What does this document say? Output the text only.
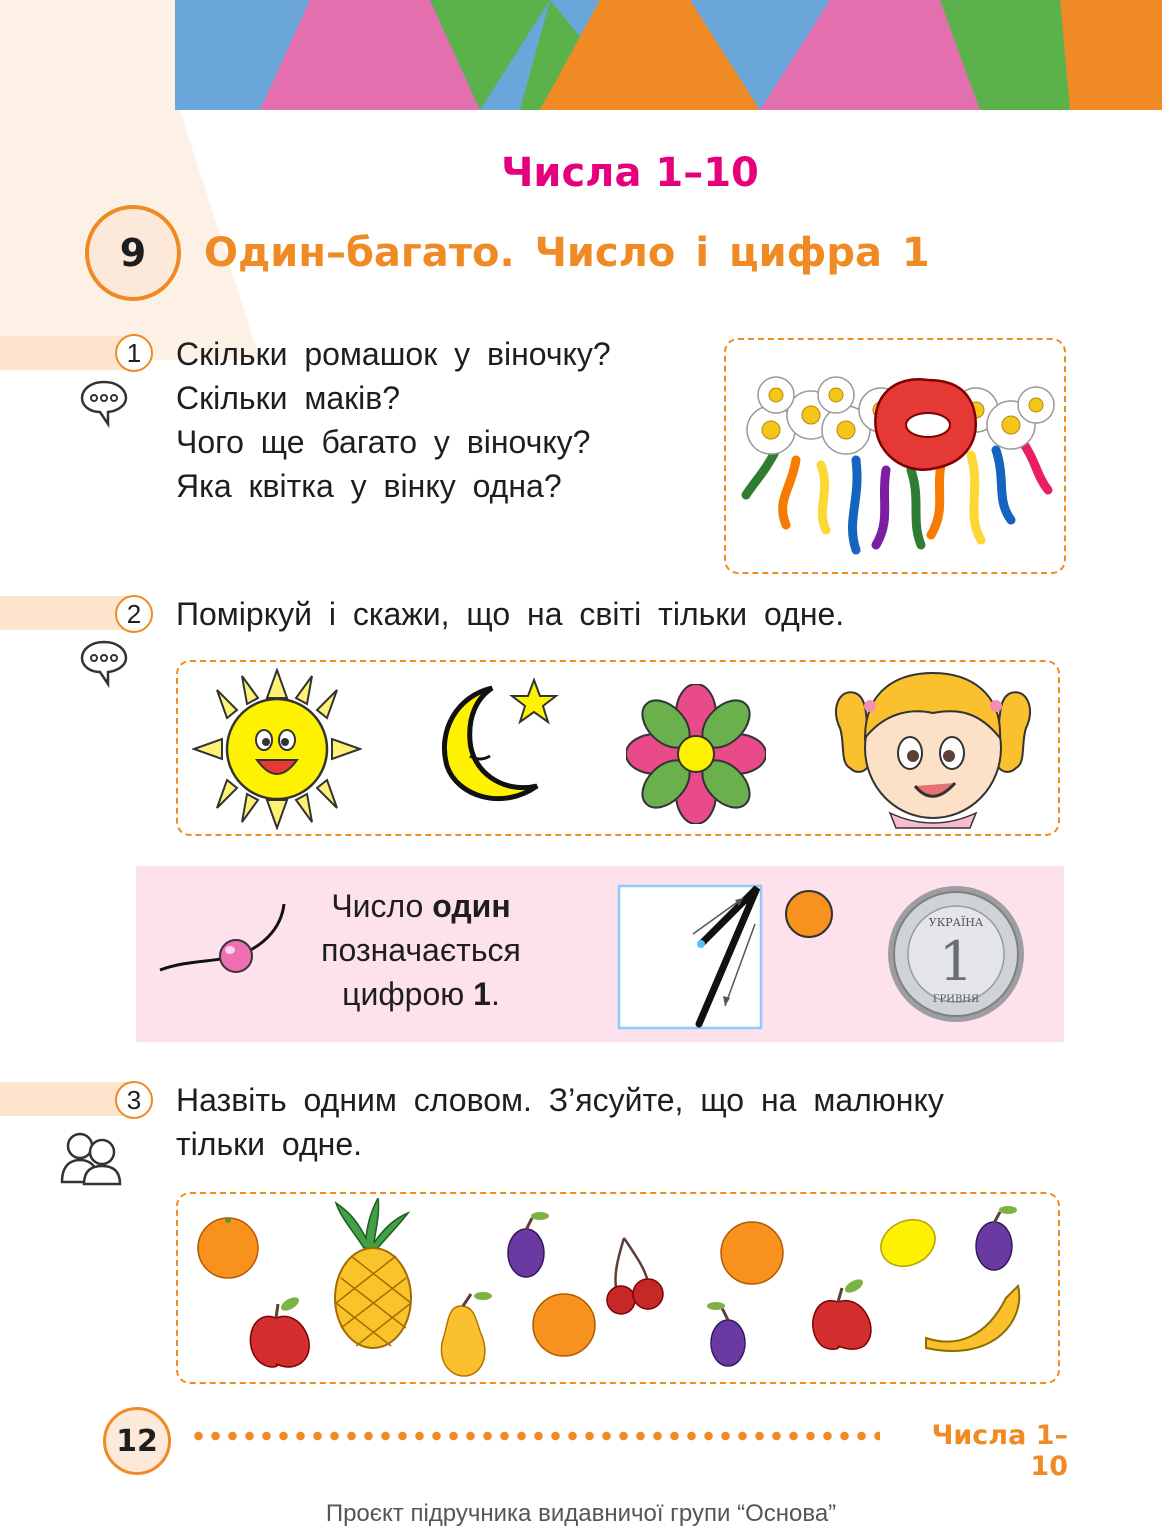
Числа 1–10
9	Один–багато. Число і цифра 1
1	Скільки ромашок у віночку?
Скільки маків?
Чого ще багато у віночку?
Яка квітка у вінку одна?
2	Поміркуй і скажи, що на світі тільки одне.
Число один
позначається
цифрою 1.
УКРАЇНА
1
ГРИВНЯ
3	Назвіть одним словом. З’ясуйте, що на малюнку
тільки одне.
12	Числа 1–10
Проєкт підручника видавничої групи “Основа”
